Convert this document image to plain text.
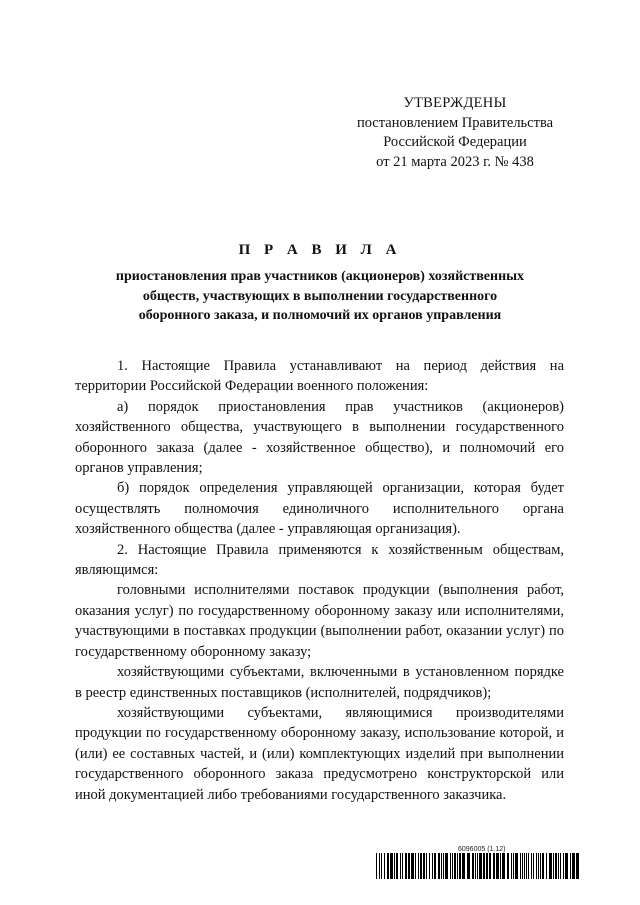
УТВЕРЖДЕНЫ
постановлением Правительства
Российской Федерации
от 21 марта 2023 г. № 438
П Р А В И Л А
приостановления прав участников (акционеров) хозяйственных
обществ, участвующих в выполнении государственного
оборонного заказа, и полномочий их органов управления

1. Настоящие Правила устанавливают на период действия на территории Российской Федерации военного положения:

а) порядок приостановления прав участников (акционеров) хозяйственного общества, участвующего в выполнении государственного оборонного заказа (далее - хозяйственное общество), и полномочий его органов управления;

б) порядок определения управляющей организации, которая будет осуществлять полномочия единоличного исполнительного органа хозяйственного общества (далее - управляющая организация).

2. Настоящие Правила применяются к хозяйственным обществам, являющимся:

головными исполнителями поставок продукции (выполнения работ, оказания услуг) по государственному оборонному заказу или исполнителями, участвующими в поставках продукции (выполнении работ, оказании услуг) по государственному оборонному заказу;

хозяйствующими субъектами, включенными в установленном порядке в реестр единственных поставщиков (исполнителей, подрядчиков);

хозяйствующими субъектами, являющимися производителями продукции по государственному оборонному заказу, использование которой, и (или) ее составных частей, и (или) комплектующих изделий при выполнении государственного оборонного заказа предусмотрено конструкторской или иной документацией либо требованиями государственного заказчика.

6096005 (1.12)
